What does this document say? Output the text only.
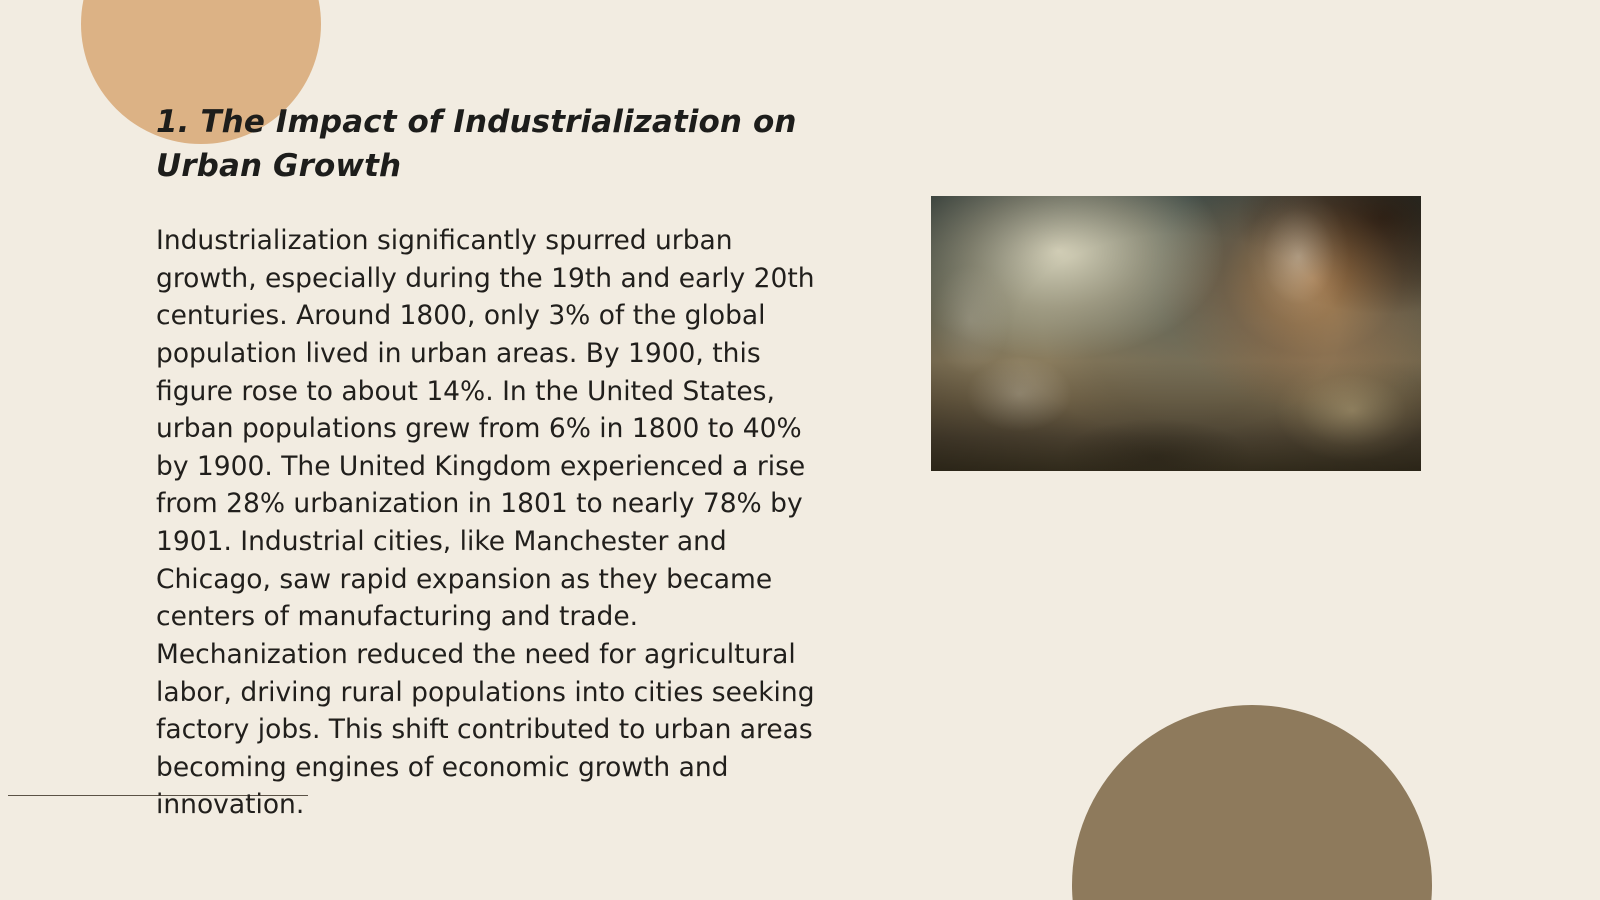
1. The Impact of Industrialization on Urban Growth

Industrialization significantly spurred urban growth, especially during the 19th and early 20th centuries. Around 1800, only 3% of the global population lived in urban areas. By 1900, this figure rose to about 14%. In the United States, urban populations grew from 6% in 1800 to 40% by 1900. The United Kingdom experienced a rise from 28% urbanization in 1801 to nearly 78% by 1901. Industrial cities, like Manchester and Chicago, saw rapid expansion as they became centers of manufacturing and trade. Mechanization reduced the need for agricultural labor, driving rural populations into cities seeking factory jobs. This shift contributed to urban areas becoming engines of economic growth and innovation.
